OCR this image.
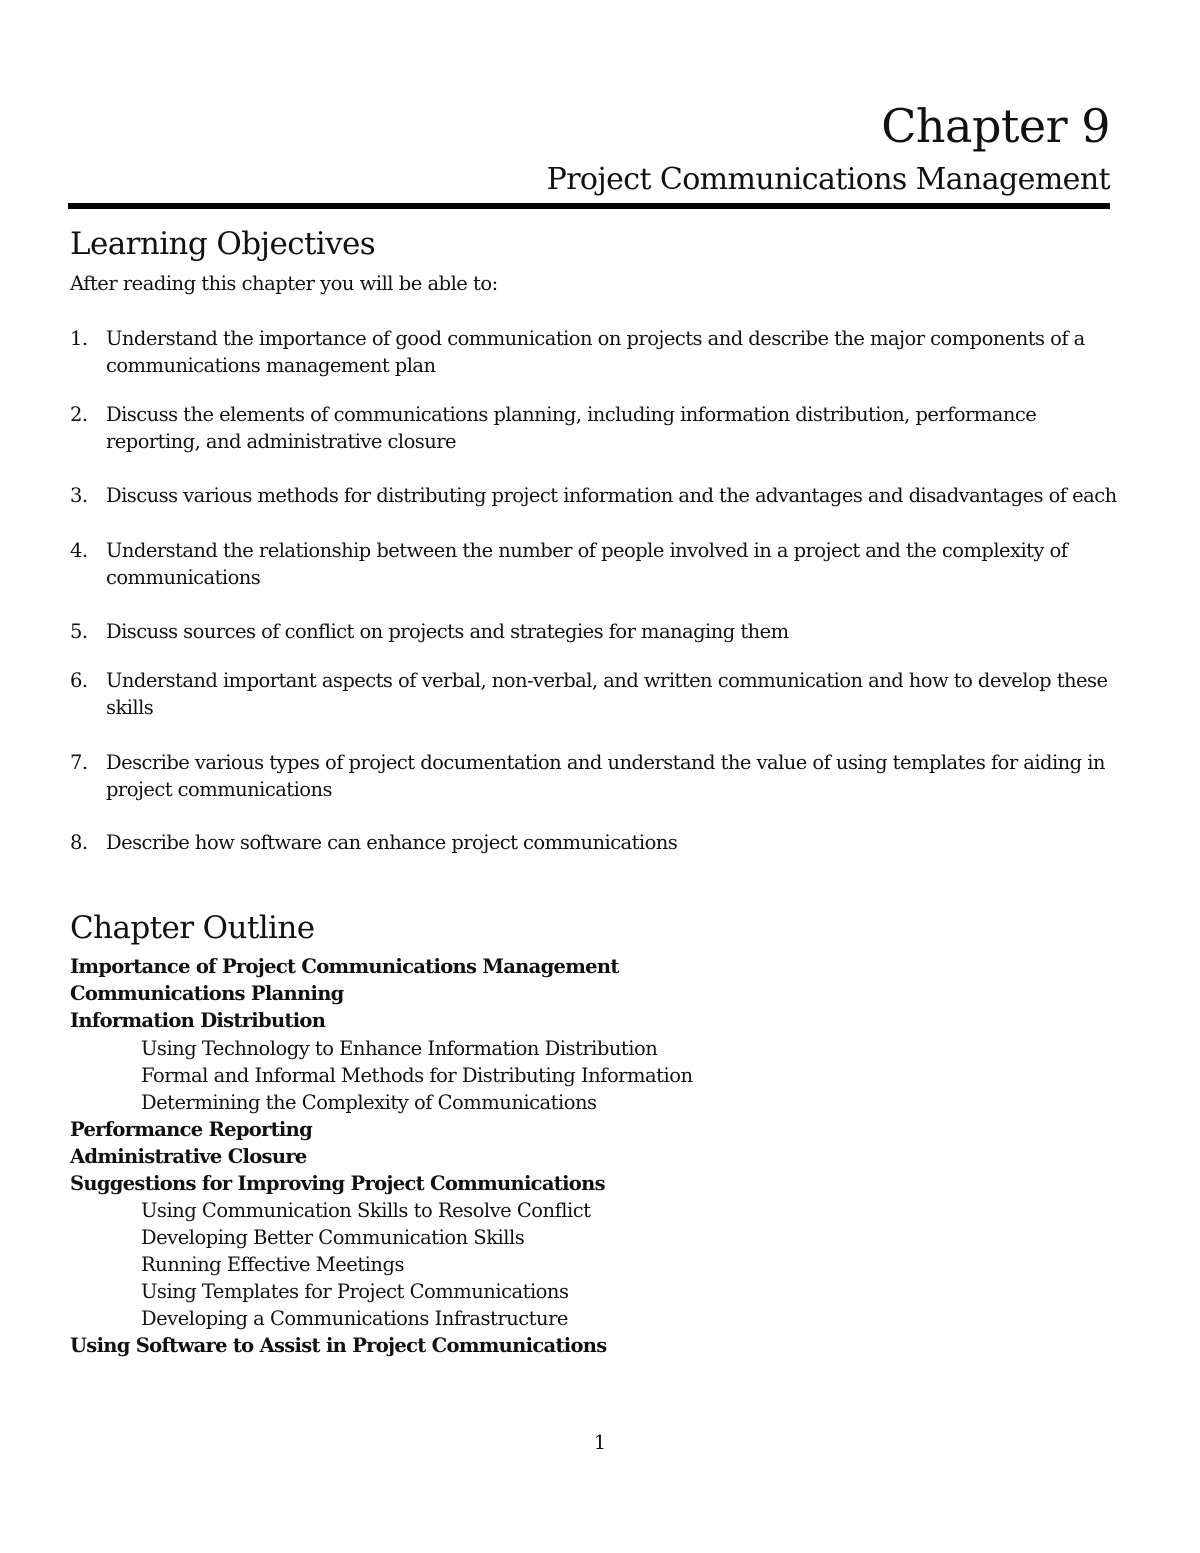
Chapter 9
Project Communications Management
Learning Objectives
After reading this chapter you will be able to:
1. Understand the importance of good communication on projects and describe the major components of a communications management plan
2. Discuss the elements of communications planning, including information distribution, performance reporting, and administrative closure
3. Discuss various methods for distributing project information and the advantages and disadvantages of each
4. Understand the relationship between the number of people involved in a project and the complexity of communications
5. Discuss sources of conflict on projects and strategies for managing them
6. Understand important aspects of verbal, non-verbal, and written communication and how to develop these skills
7. Describe various types of project documentation and understand the value of using templates for aiding in project communications
8. Describe how software can enhance project communications
Chapter Outline
Importance of Project Communications Management
Communications Planning
Information Distribution
Using Technology to Enhance Information Distribution
Formal and Informal Methods for Distributing Information
Determining the Complexity of Communications
Performance Reporting
Administrative Closure
Suggestions for Improving Project Communications
Using Communication Skills to Resolve Conflict
Developing Better Communication Skills
Running Effective Meetings
Using Templates for Project Communications
Developing a Communications Infrastructure
Using Software to Assist in Project Communications
1
